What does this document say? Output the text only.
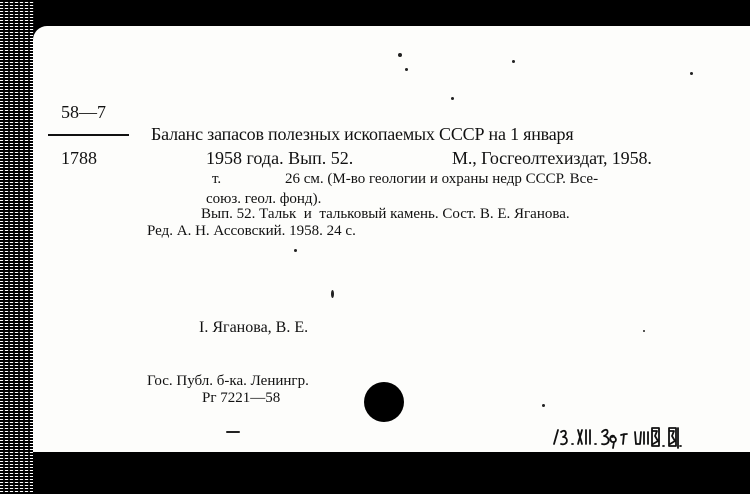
58—7
1788
Баланс запасов полезных ископаемых СССР на 1 января
1958 года. Вып. 52.	М., Госгеолтехиздат, 1958.
т.	26 см. (М-во геологии и охраны недр СССР. Все-
союз. геол. фонд).
Вып. 52. Тальк  и  тальковый камень. Сост. В. Е. Яганова.
Ред. А. Н. Ассовский. 1958. 24 с.
I. Яганова, В. Е.
Гос. Публ. б-ка. Ленингр.
Рг 7221—58
